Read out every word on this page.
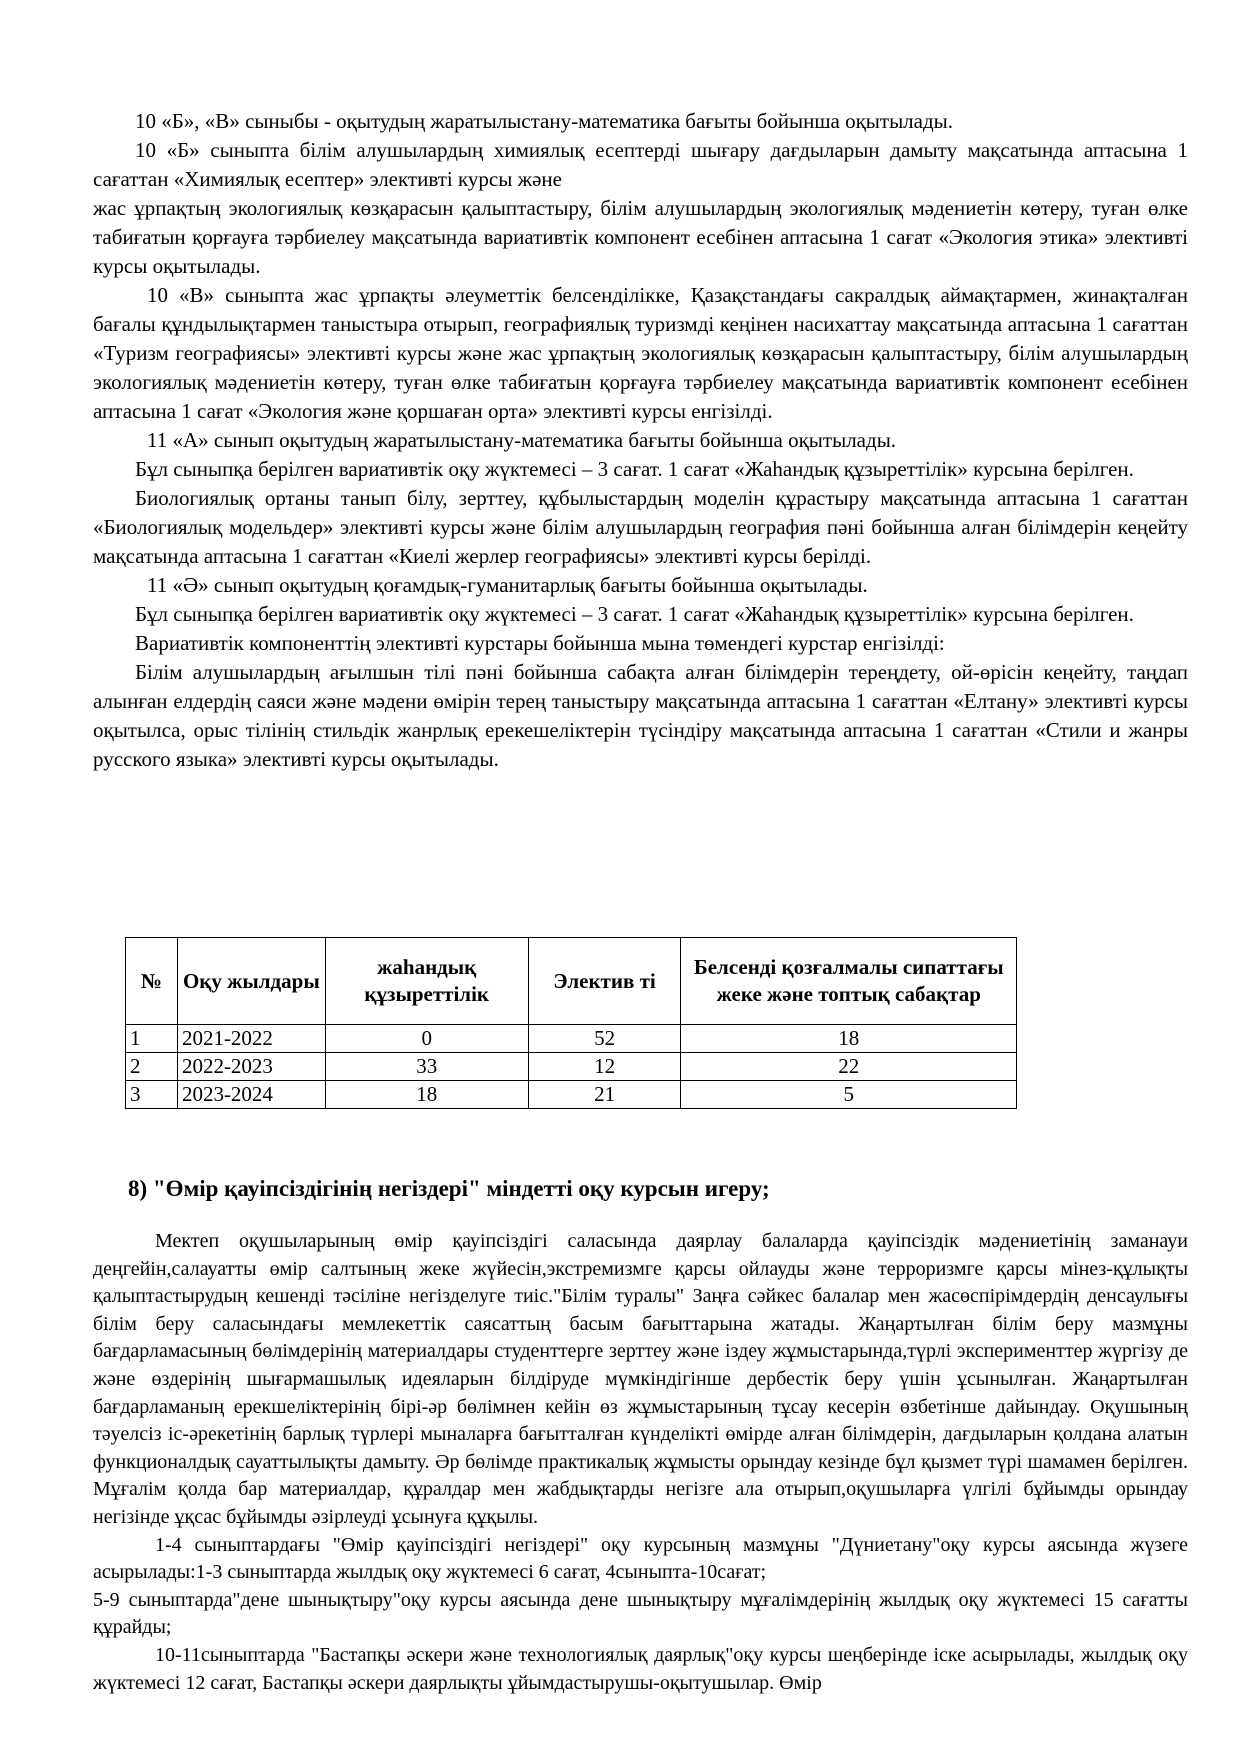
10 «Б», «В» сыныбы - оқытудың жаратылыстану-математика бағыты бойынша оқытылады.

10 «Б» сыныпта білім алушылардың химиялық есептерді шығару дағдыларын дамыту мақсатында аптасына 1 сағаттан «Химиялық есептер» элективті курсы және

жас ұрпақтың экологиялық көзқарасын қалыптастыру, білім алушылардың экологиялық мәдениетін көтеру, туған өлке табиғатын қорғауға тәрбиелеу мақсатында вариативтік компонент есебінен аптасына 1 сағат «Экология этика» элективті курсы оқытылады.

10 «В» сыныпта жас ұрпақты әлеуметтік белсенділікке, Қазақстандағы сакралдық аймақтармен, жинақталған бағалы құндылықтармен таныстыра отырып, географиялық туризмді кеңінен насихаттау мақсатында аптасына 1 сағаттан «Туризм географиясы» элективті курсы және жас ұрпақтың экологиялық көзқарасын қалыптастыру, білім алушылардың экологиялық мәдениетін көтеру, туған өлке табиғатын қорғауға тәрбиелеу мақсатында вариативтік компонент есебінен аптасына 1 сағат «Экология және қоршаған орта» элективті курсы енгізілді.

11 «А» сынып оқытудың жаратылыстану-математика бағыты бойынша оқытылады.

Бұл сыныпқа берілген вариативтік оқу жүктемесі – 3 сағат. 1 сағат «Жаһандық құзыреттілік» курсына берілген.

Биологиялық ортаны танып білу, зерттеу, құбылыстардың моделін құрастыру мақсатында аптасына 1 сағаттан «Биологиялық модельдер» элективті курсы және білім алушылардың география пәні бойынша алған білімдерін кеңейту мақсатында аптасына 1 сағаттан «Киелі жерлер географиясы» элективті курсы берілді.

11 «Ә» сынып оқытудың қоғамдық-гуманитарлық бағыты бойынша оқытылады.

Бұл сыныпқа берілген вариативтік оқу жүктемесі – 3 сағат. 1 сағат «Жаһандық құзыреттілік» курсына берілген.

Вариативтік компоненттің элективті курстары бойынша мына төмендегі курстар енгізілді:

Білім алушылардың ағылшын тілі пәні бойынша сабақта алған білімдерін тереңдету, ой-өрісін кеңейту, таңдап алынған елдердің саяси және мәдени өмірін терең таныстыру мақсатында аптасына 1 сағаттан «Елтану» элективті курсы оқытылса, орыс тілінің стильдік жанрлық ерекешеліктерін түсіндіру мақсатында аптасына 1 сағаттан «Стили и жанры русского языка» элективті курсы оқытылады.

№	Оқу жылдары	жаһандық құзыреттілік	Электив ті	Белсенді қозғалмалы сипаттағы жеке және топтық сабақтар
1	2021-2022	0	52	18
2	2022-2023	33	12	22
3	2023-2024	18	21	5
8) "Өмір қауіпсіздігінің негіздері" міндетті оқу курсын игеру;

Мектеп оқушыларының өмір қауіпсіздігі саласында даярлау балаларда қауіпсіздік мәдениетінің заманауи деңгейін,салауатты өмір салтының жеке жүйесін,экстремизмге қарсы ойлауды және терроризмге қарсы мінез-құлықты қалыптастырудың кешенді тәсіліне негізделуге тиіс."Білім туралы" Заңға сәйкес балалар мен жасөспірімдердің денсаулығы білім беру саласындағы мемлекеттік саясаттың басым бағыттарына жатады. Жаңартылған білім беру мазмұны бағдарламасының бөлімдерінің материалдары студенттерге зерттеу және іздеу жұмыстарында,түрлі эксперименттер жүргізу де және өздерінің шығармашылық идеяларын білдіруде мүмкіндігінше дербестік беру үшін ұсынылған. Жаңартылған бағдарламаның ерекшеліктерінің бірі-әр бөлімнен кейін өз жұмыстарының тұсау кесерін өзбетінше дайындау. Оқушының тәуелсіз іс-әрекетінің барлық түрлері мыналарға бағытталған күнделікті өмірде алған білімдерін, дағдыларын қолдана алатын функционалдық сауаттылықты дамыту. Әр бөлімде практикалық жұмысты орындау кезінде бұл қызмет түрі шамамен берілген. Мұғалім қолда бар материалдар, құралдар мен жабдықтарды негізге ала отырып,оқушыларға үлгілі бұйымды орындау негізінде ұқсас бұйымды әзірлеуді ұсынуға құқылы.

1-4 сыныптардағы "Өмір қауіпсіздігі негіздері" оқу курсының мазмұны "Дүниетану"оқу курсы аясында жүзеге асырылады:1-3 сыныптарда жылдық оқу жүктемесі 6 сағат, 4сыныпта-10сағат;

5-9 сыныптарда"дене шынықтыру"оқу курсы аясында дене шынықтыру мұғалімдерінің жылдық оқу жүктемесі 15 сағатты құрайды;

10-11сыныптарда "Бастапқы әскери және технологиялық даярлық"оқу курсы шеңберінде іске асырылады, жылдық оқу жүктемесі 12 сағат, Бастапқы әскери даярлықты ұйымдастырушы-оқытушылар. Өмір
